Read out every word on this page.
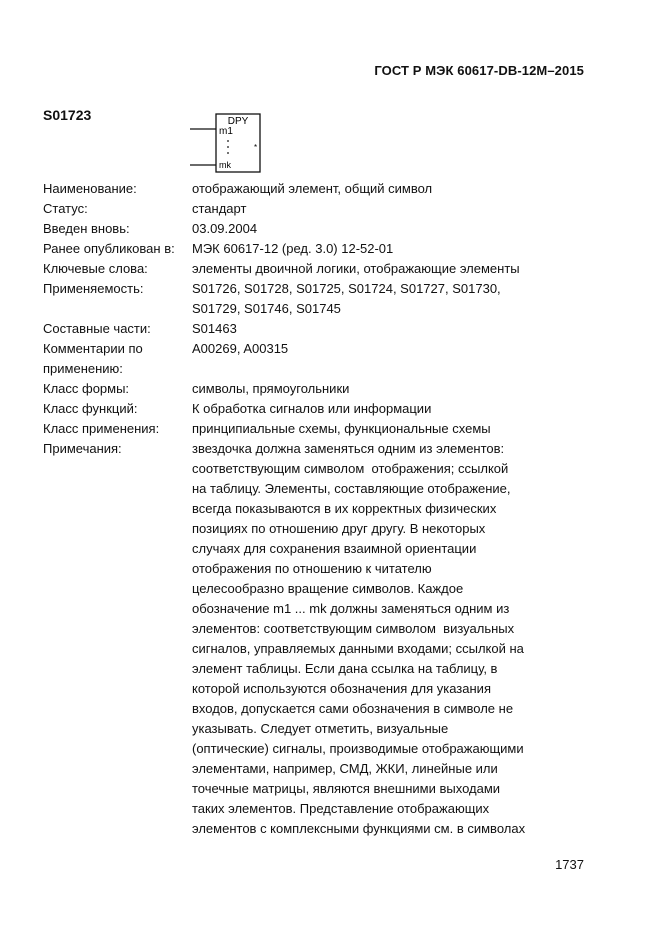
ГОСТ Р МЭК 60617-DB-12M–2015
S01723	DPY
m1
mk
*
Наименование:	отображающий элемент, общий символ
Статус:	стандарт
Введен вновь:	03.09.2004
Ранее опубликован в:	МЭК 60617-12 (ред. 3.0) 12-52-01
Ключевые слова:	элементы двоичной логики, отображающие элементы
Применяемость:	S01726, S01728, S01725, S01724, S01727, S01730, S01729, S01746, S01745
Составные части:	S01463
Комментарии по применению:
A00269, A00315
Класс формы:	символы, прямоугольники
Класс функций:	К обработка сигналов или информации
Класс применения:	принципиальные схемы, функциональные схемы
Примечания:	звездочка должна заменяться одним из элементов:
соответствующим символом  отображения; ссылкой
на таблицу. Элементы, составляющие отображение,
всегда показываются в их корректных физических
позициях по отношению друг другу. В некоторых
случаях для сохранения взаимной ориентации
отображения по отношению к читателю
целесообразно вращение символов. Каждое
обозначение m1 ... mk должны заменяться одним из
элементов: соответствующим символом  визуальных
сигналов, управляемых данными входами; ссылкой на
элемент таблицы. Если дана ссылка на таблицу, в
которой используются обозначения для указания
входов, допускается сами обозначения в символе не
указывать. Следует отметить, визуальные
(оптические) сигналы, производимые отображающими
элементами, например, СМД, ЖКИ, линейные или
точечные матрицы, являются внешними выходами
таких элементов. Представление отображающих
элементов с комплексными функциями см. в символах
1737
